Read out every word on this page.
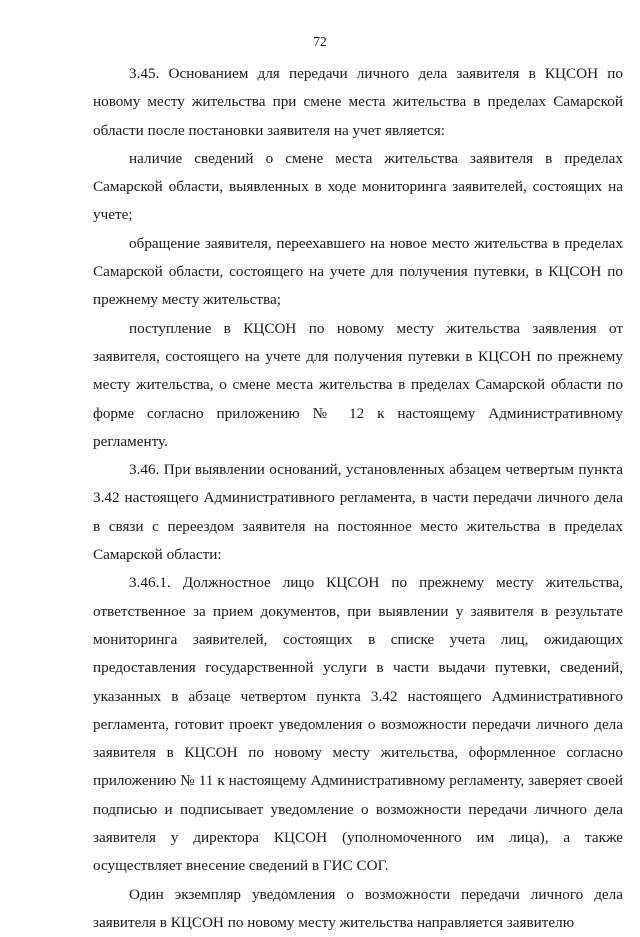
72

3.45. Основанием для передачи личного дела заявителя в КЦСОН по новому месту жительства при смене места жительства в пределах Самарской области после постановки заявителя на учет является:

наличие сведений о смене места жительства заявителя в пределах Самарской области, выявленных в ходе мониторинга заявителей, состоящих на учете;

обращение заявителя, переехавшего на новое место жительства в пределах Самарской области, состоящего на учете для получения путевки, в КЦСОН по прежнему месту жительства;

поступление в КЦСОН по новому месту жительства заявления от заявителя, состоящего на учете для получения путевки в КЦСОН по прежнему месту жительства, о смене места жительства в пределах Самарской области по форме согласно приложению № 12 к настоящему Административному регламенту.

3.46. При выявлении оснований, установленных абзацем четвертым пункта 3.42 настоящего Административного регламента, в части передачи личного дела в связи с переездом заявителя на постоянное место жительства в пределах Самарской области:

3.46.1. Должностное лицо КЦСОН по прежнему месту жительства, ответственное за прием документов, при выявлении у заявителя в результате мониторинга заявителей, состоящих в списке учета лиц, ожидающих предоставления государственной услуги в части выдачи путевки, сведений, указанных в абзаце четвертом пункта 3.42 настоящего Административного регламента, готовит проект уведомления о возможности передачи личного дела заявителя в КЦСОН по новому месту жительства, оформленное согласно приложению № 11 к настоящему Административному регламенту, заверяет своей подписью и подписывает уведомление о возможности передачи личного дела заявителя у директора КЦСОН (уполномоченного им лица), а также осуществляет внесение сведений в ГИС СОГ.

Один экземпляр уведомления о возможности передачи личного дела заявителя в КЦСОН по новому месту жительства направляется заявителю
